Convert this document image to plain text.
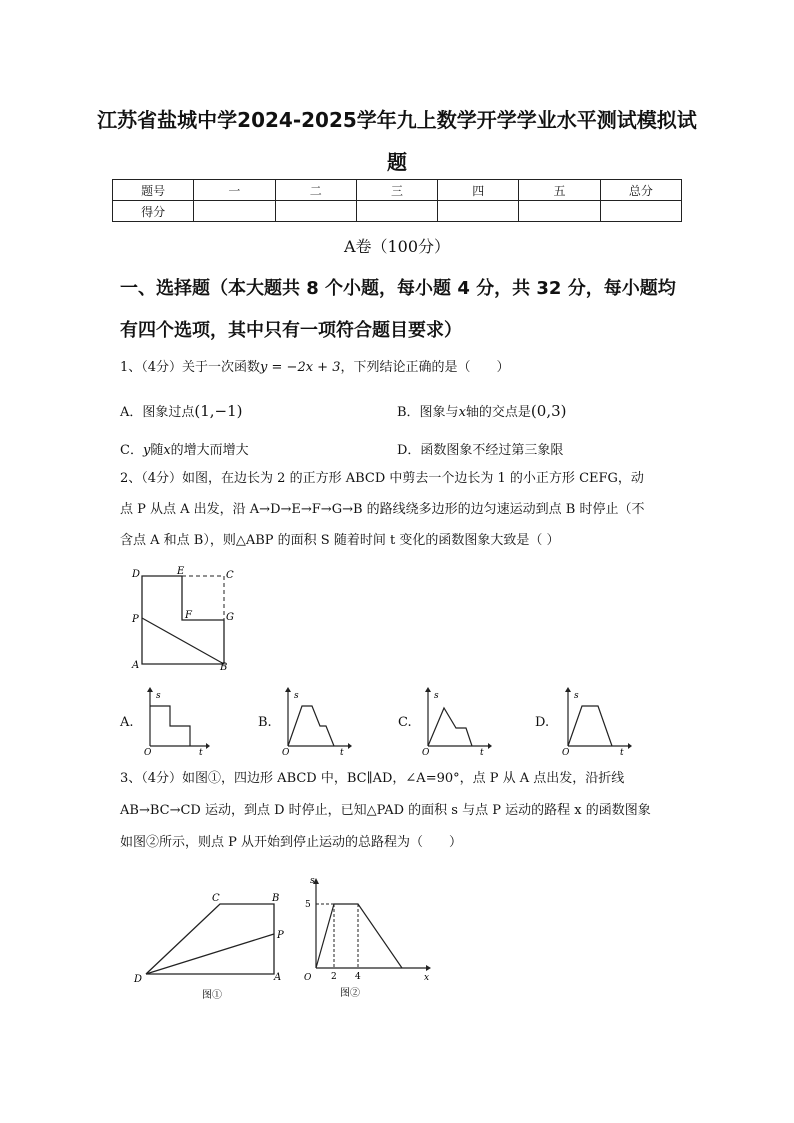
江苏省盐城中学2024-2025学年九上数学开学学业水平测试模拟试
题
题号	一	二	三	四	五	总分
得分						
A卷（100分）
一、选择题（本大题共 8 个小题，每小题 4 分，共 32 分，每小题均
有四个选项，其中只有一项符合题目要求）
1、（4分）关于一次函数y = −2x + 3，下列结论正确的是（　　）
A．图象过点(1,−1)	B．图象与x轴的交点是(0,3)
C．y随x的增大而增大	D．函数图象不经过第三象限
2、（4分）如图，在边长为 2 的正方形 ABCD 中剪去一个边长为 1 的小正方形 CEFG，动
点 P 从点 A 出发，沿 A→D→E→F→G→B 的路线绕多边形的边匀速运动到点 B 时停止（不
含点 A 和点 B），则△ABP 的面积 S 随着时间 t 变化的函数图象大致是（ ）
D	E	C
P	F	G
A	B
A.	B.	C.	D.
s
O	t
s
O	t
s
O	t
s
O	t
3、（4分）如图①，四边形 ABCD 中，BC∥AD，∠A=90°，点 P 从 A 点出发，沿折线
AB→BC→CD 运动，到点 D 时停止，已知△PAD 的面积 s 与点 P 运动的路程 x 的函数图象
如图②所示，则点 P 从开始到停止运动的总路程为（　　）
C	B
P
D	A
图①
s
5
O 2 4	x
图②
